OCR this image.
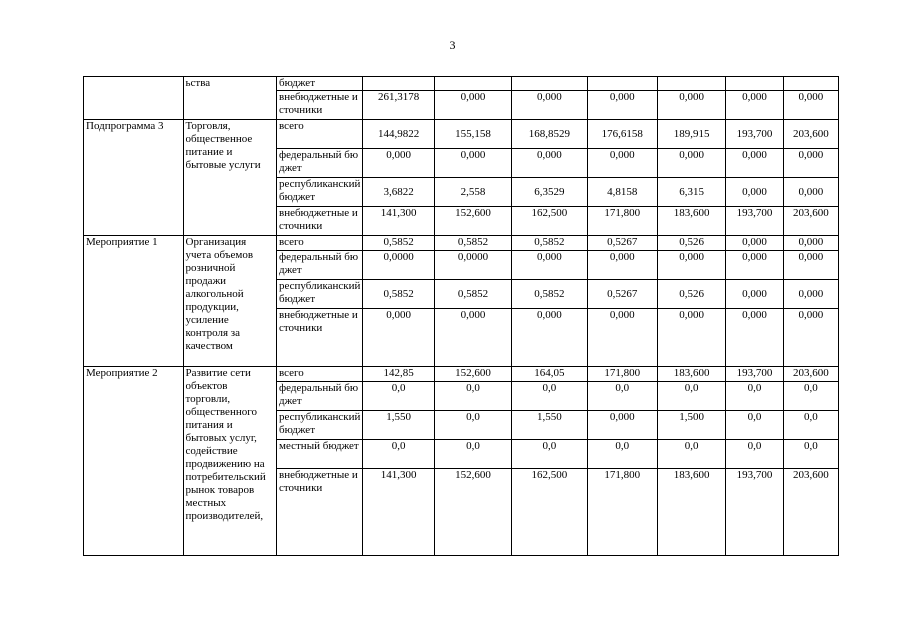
3
	ьства	бюджет							
		внебюджетные источники	261,3178	0,000	0,000	0,000	0,000	0,000	0,000
Подпрограмма 3	Торговля, общественное питание и бытовые услуги	всего	144,9822	155,158	168,8529	176,6158	189,915	193,700	203,600
		федеральный бюджет	0,000	0,000	0,000	0,000	0,000	0,000	0,000
		республиканский бюджет	3,6822	2,558	6,3529	4,8158	6,315	0,000	0,000
		внебюджетные источники	141,300	152,600	162,500	171,800	183,600	193,700	203,600
Мероприятие 1	Организация учета объемов розничной продажи алкогольной продукции, усиление контроля за качеством	всего	0,5852	0,5852	0,5852	0,5267	0,526	0,000	0,000
		федеральный бюджет	0,0000	0,0000	0,000	0,000	0,000	0,000	0,000
		республиканский бюджет	0,5852	0,5852	0,5852	0,5267	0,526	0,000	0,000
		внебюджетные источники	0,000	0,000	0,000	0,000	0,000	0,000	0,000
Мероприятие 2	Развитие сети объектов торговли, общественного питания и бытовых услуг, содействие продвижению на потребительский рынок товаров местных производителей,	всего	142,85	152,600	164,05	171,800	183,600	193,700	203,600
		федеральный бюджет	0,0	0,0	0,0	0,0	0,0	0,0	0,0
		республиканский бюджет	1,550	0,0	1,550	0,000	1,500	0,0	0,0
		местный бюджет	0,0	0,0	0,0	0,0	0,0	0,0	0,0
		внебюджетные источники	141,300	152,600	162,500	171,800	183,600	193,700	203,600
